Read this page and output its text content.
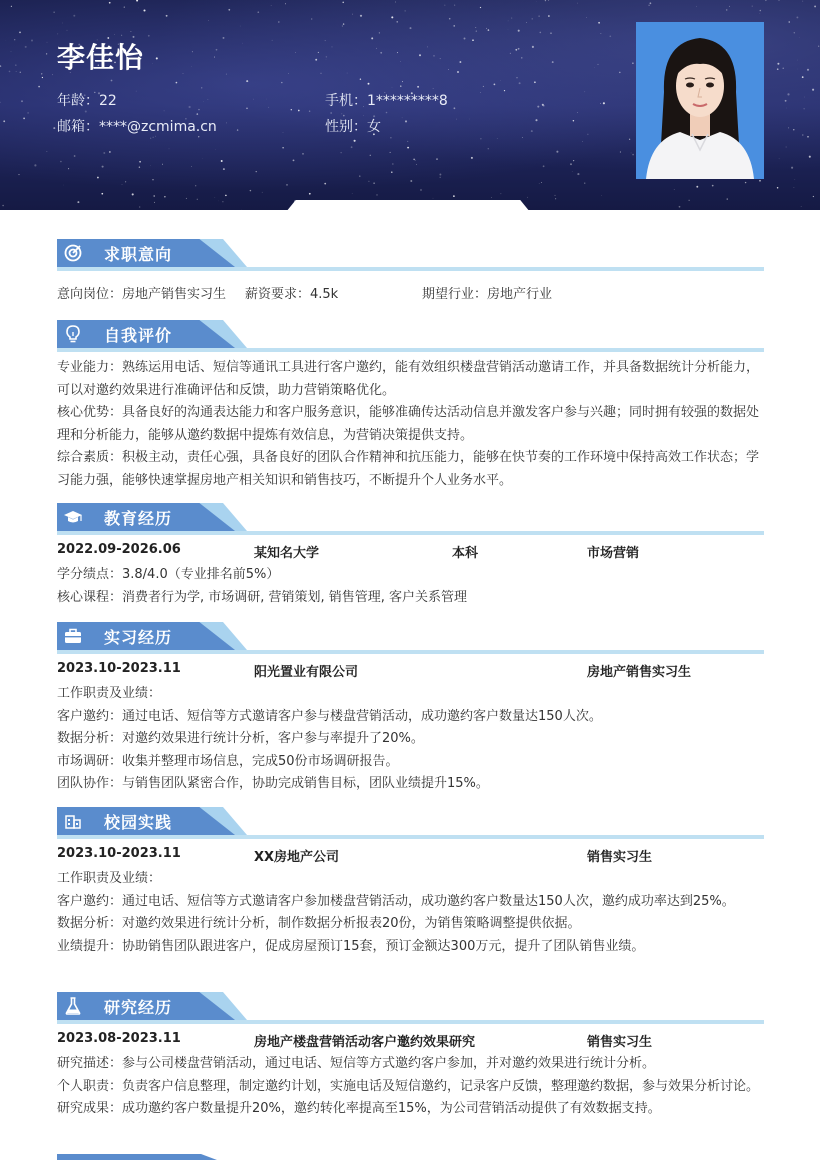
李佳怡
年龄：22	手机：1*********8
邮箱：****@zcmima.cn	性别：女
求职意向
意向岗位：房地产销售实习生 薪资要求：4.5k	期望行业：房地产行业
自我评价

专业能力：熟练运用电话、短信等通讯工具进行客户邀约，能有效组织楼盘营销活动邀请工作，并具备数据统计分析能力，可以对邀约效果进行准确评估和反馈，助力营销策略优化。

核心优势：具备良好的沟通表达能力和客户服务意识，能够准确传达活动信息并激发客户参与兴趣；同时拥有较强的数据处理和分析能力，能够从邀约数据中提炼有效信息，为营销决策提供支持。

综合素质：积极主动，责任心强，具备良好的团队合作精神和抗压能力，能够在快节奏的工作环境中保持高效工作状态；学习能力强，能够快速掌握房地产相关知识和销售技巧，不断提升个人业务水平。

教育经历
2022.09-2026.06	某知名大学	本科	市场营销

学分绩点：3.8/4.0（专业排名前5%）

核心课程：消费者行为学, 市场调研, 营销策划, 销售管理, 客户关系管理

实习经历
2023.10-2023.11	阳光置业有限公司	房地产销售实习生

工作职责及业绩：

客户邀约：通过电话、短信等方式邀请客户参与楼盘营销活动，成功邀约客户数量达150人次。

数据分析：对邀约效果进行统计分析，客户参与率提升了20%。

市场调研：收集并整理市场信息，完成50份市场调研报告。

团队协作：与销售团队紧密合作，协助完成销售目标，团队业绩提升15%。

校园实践
2023.10-2023.11	XX房地产公司	销售实习生

工作职责及业绩：

客户邀约：通过电话、短信等方式邀请客户参加楼盘营销活动，成功邀约客户数量达150人次，邀约成功率达到25%。

数据分析：对邀约效果进行统计分析，制作数据分析报表20份，为销售策略调整提供依据。

业绩提升：协助销售团队跟进客户，促成房屋预订15套，预订金额达300万元，提升了团队销售业绩。

研究经历
2023.08-2023.11	房地产楼盘营销活动客户邀约效果研究	销售实习生

研究描述：参与公司楼盘营销活动，通过电话、短信等方式邀约客户参加，并对邀约效果进行统计分析。

个人职责：负责客户信息整理，制定邀约计划，实施电话及短信邀约，记录客户反馈，整理邀约数据，参与效果分析讨论。

研究成果：成功邀约客户数量提升20%，邀约转化率提高至15%，为公司营销活动提供了有效数据支持。
